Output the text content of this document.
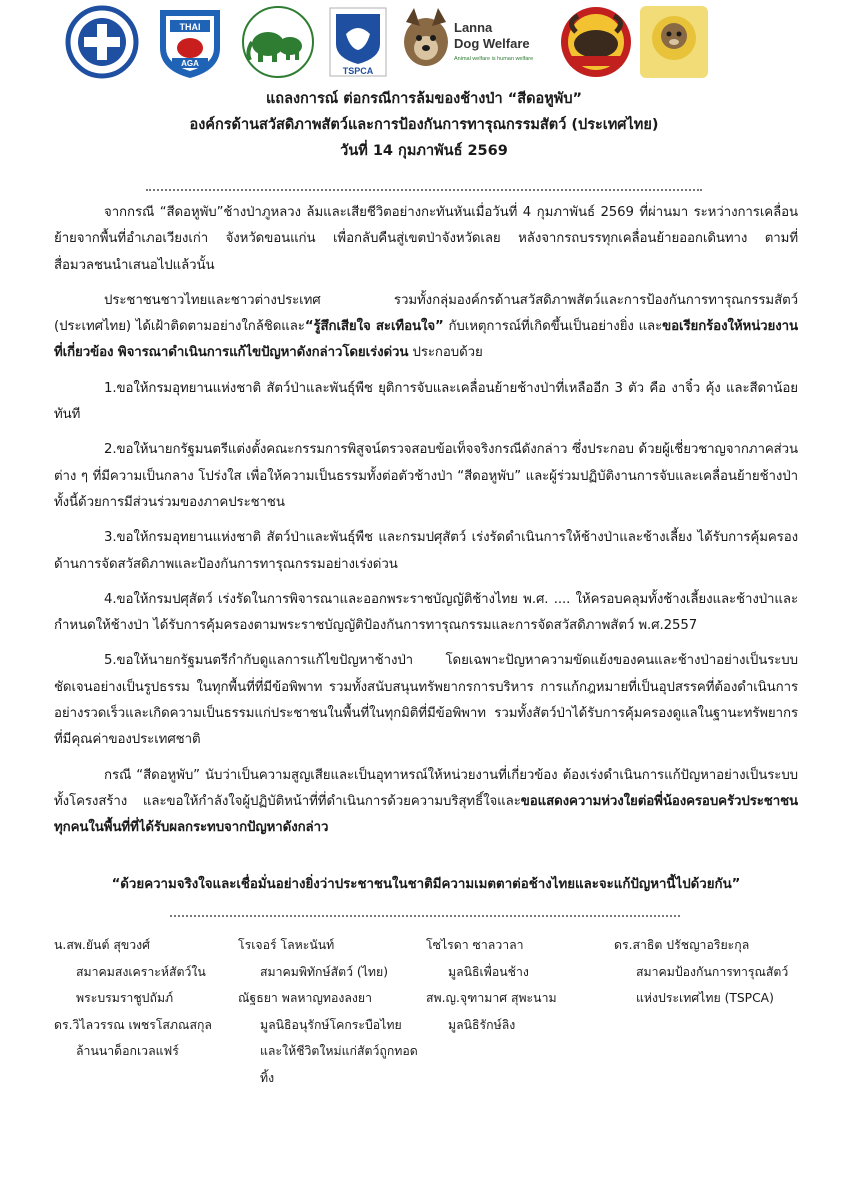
THAI
AGA
TSPCA
Lanna
Dog Welfare
Animal welfare is human welfare
แถลงการณ์ ต่อกรณีการล้มของช้างป่า “สีดอหูพับ”
องค์กรด้านสวัสดิภาพสัตว์และการป้องกันการทารุณกรรมสัตว์ (ประเทศไทย)
วันที่ 14 กุมภาพันธ์ 2569

จากกรณี “สีดอหูพับ”ช้างป่าภูหลวง ล้มและเสียชีวิตอย่างกะทันหันเมื่อวันที่ 4 กุมภาพันธ์ 2569 ที่ผ่านมา ระหว่างการเคลื่อนย้ายจากพื้นที่อำเภอเวียงเก่า จังหวัดขอนแก่น เพื่อกลับคืนสู่เขตป่าจังหวัดเลย หลังจากรถบรรทุกเคลื่อนย้ายออกเดินทาง ตามที่สื่อมวลชนนำเสนอไปแล้วนั้น

ประชาชนชาวไทยและชาวต่างประเทศ รวมทั้งกลุ่มองค์กรด้านสวัสดิภาพสัตว์และการป้องกันการทารุณกรรมสัตว์ (ประเทศไทย) ได้เฝ้าติดตามอย่างใกล้ชิดและ“รู้สึกเสียใจ สะเทือนใจ” กับเหตุการณ์ที่เกิดขึ้นเป็นอย่างยิ่ง และขอเรียกร้องให้หน่วยงานที่เกี่ยวข้อง พิจารณาดำเนินการแก้ไขปัญหาดังกล่าวโดยเร่งด่วน ประกอบด้วย

1.ขอให้กรมอุทยานแห่งชาติ สัตว์ป่าและพันธุ์พืช ยุติการจับและเคลื่อนย้ายช้างป่าที่เหลืออีก 3 ตัว คือ งาจิ๋ว คุ้ง และสีดาน้อย ทันที

2.ขอให้นายกรัฐมนตรีแต่งตั้งคณะกรรมการพิสูจน์ตรวจสอบข้อเท็จจริงกรณีดังกล่าว ซึ่งประกอบ ด้วยผู้เชี่ยวชาญจากภาคส่วนต่าง ๆ ที่มีความเป็นกลาง โปร่งใส เพื่อให้ความเป็นธรรมทั้งต่อตัวช้างป่า “สีดอหูพับ” และผู้ร่วมปฏิบัติงานการจับและเคลื่อนย้ายช้างป่า ทั้งนี้ด้วยการมีส่วนร่วมของภาคประชาชน

3.ขอให้กรมอุทยานแห่งชาติ สัตว์ป่าและพันธุ์พืช และกรมปศุสัตว์ เร่งรัดดำเนินการให้ช้างป่าและช้างเลี้ยง ได้รับการคุ้มครองด้านการจัดสวัสดิภาพและป้องกันการทารุณกรรมอย่างเร่งด่วน

4.ขอให้กรมปศุสัตว์ เร่งรัดในการพิจารณาและออกพระราชบัญญัติช้างไทย พ.ศ. .... ให้ครอบคลุมทั้งช้างเลี้ยงและช้างป่าและกำหนดให้ช้างป่า ได้รับการคุ้มครองตามพระราชบัญญัติป้องกันการทารุณกรรมและการจัดสวัสดิภาพสัตว์ พ.ศ.2557

5.ขอให้นายกรัฐมนตรีกำกับดูแลการแก้ไขปัญหาช้างป่า โดยเฉพาะปัญหาความขัดแย้งของคนและช้างป่าอย่างเป็นระบบ ชัดเจนอย่างเป็นรูปธรรม ในทุกพื้นที่ที่มีข้อพิพาท รวมทั้งสนับสนุนทรัพยากรการบริหาร การแก้กฎหมายที่เป็นอุปสรรคที่ต้องดำเนินการอย่างรวดเร็วและเกิดความเป็นธรรมแก่ประชาชนในพื้นที่ในทุกมิติที่มีข้อพิพาท รวมทั้งสัตว์ป่าได้รับการคุ้มครองดูแลในฐานะทรัพยากรที่มีคุณค่าของประเทศชาติ

กรณี “สีดอหูพับ” นับว่าเป็นความสูญเสียและเป็นอุทาหรณ์ให้หน่วยงานที่เกี่ยวข้อง ต้องเร่งดำเนินการแก้ปัญหาอย่างเป็นระบบทั้งโครงสร้าง และขอให้กำลังใจผู้ปฏิบัติหน้าที่ที่ดำเนินการด้วยความบริสุทธิ์ใจและขอแสดงความห่วงใยต่อพี่น้องครอบครัวประชาชนทุกคนในพื้นที่ที่ได้รับผลกระทบจากปัญหาดังกล่าว

“ด้วยความจริงใจและเชื่อมั่นอย่างยิ่งว่าประชาชนในชาติมีความเมตตาต่อช้างไทยและจะแก้ปัญหานี้ไปด้วยกัน”
น.สพ.ยันต์ สุขวงศ์
สมาคมสงเคราะห์สัตว์ในพระบรมราชูปถัมภ์
ดร.วิไลวรรณ เพชรโสภณสกุล
ล้านนาด็อกเวลแฟร์
โรเจอร์ โลหะนันท์
สมาคมพิทักษ์สัตว์ (ไทย)
ณัฐธยา พลหาญทองลงยา
มูลนิธิอนุรักษ์โคกระบือไทยและให้ชีวิตใหม่แก่สัตว์ถูกทอดทิ้ง
โซไรดา ซาลวาลา
มูลนิธิเพื่อนช้าง
สพ.ญ.จุฑามาศ สุพะนาม
มูลนิธิรักษ์ลิง
ดร.สาธิต ปรัชญาอริยะกุล
สมาคมป้องกันการทารุณสัตว์แห่งประเทศไทย (TSPCA)
